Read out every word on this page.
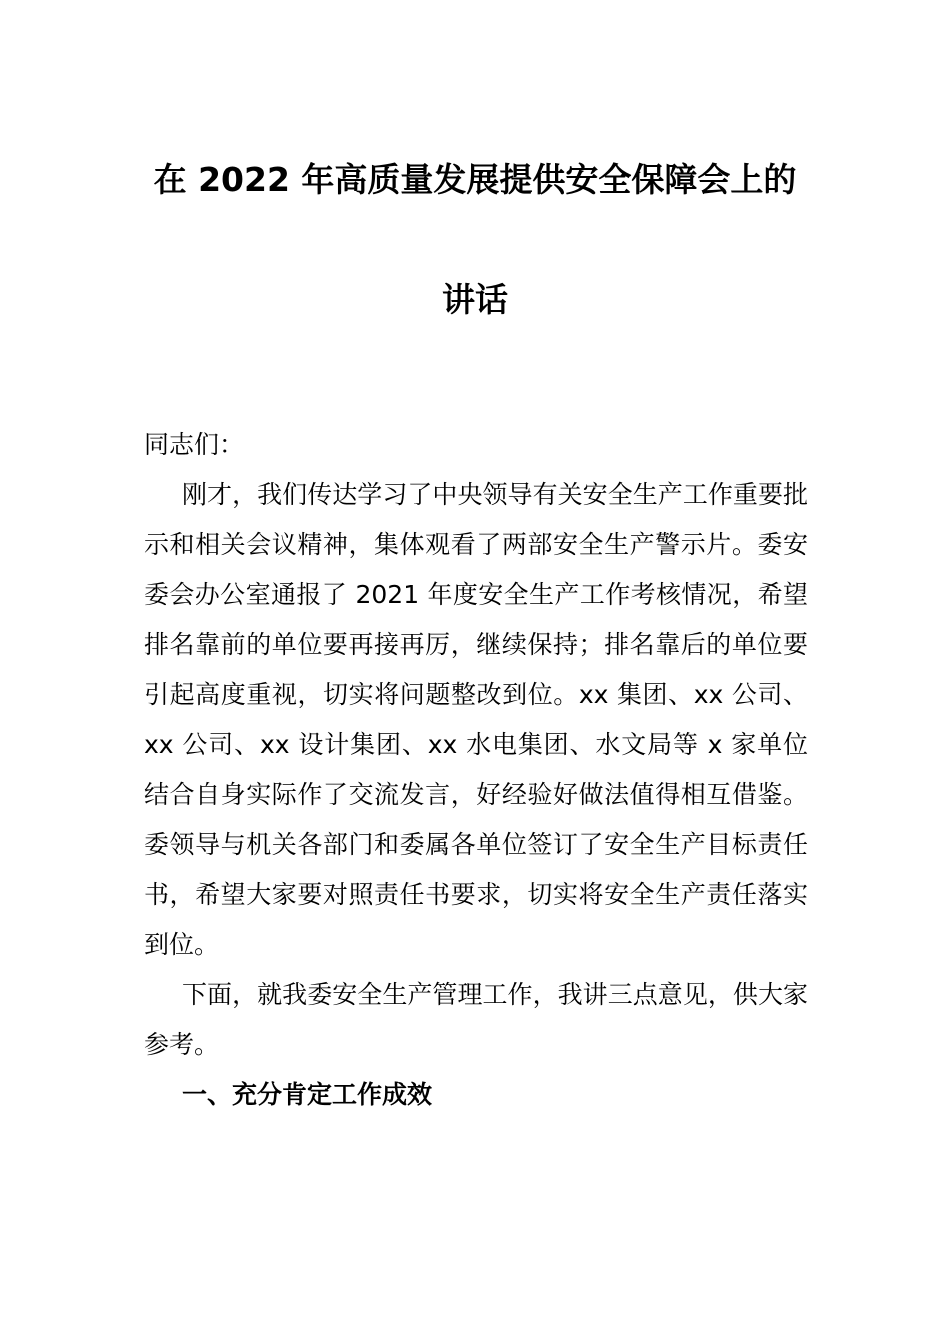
在 2022 年高质量发展提供安全保障会上的
讲话

同志们：

刚才，我们传达学习了中央领导有关安全生产工作重要批示和相关会议精神，集体观看了两部安全生产警示片。委安委会办公室通报了 2021 年度安全生产工作考核情况，希望排名靠前的单位要再接再厉，继续保持；排名靠后的单位要引起高度重视，切实将问题整改到位。xx 集团、xx 公司、xx 公司、xx 设计集团、xx 水电集团、水文局等 x 家单位结合自身实际作了交流发言，好经验好做法值得相互借鉴。委领导与机关各部门和委属各单位签订了安全生产目标责任书，希望大家要对照责任书要求，切实将安全生产责任落实到位。

下面，就我委安全生产管理工作，我讲三点意见，供大家参考。

一、充分肯定工作成效
